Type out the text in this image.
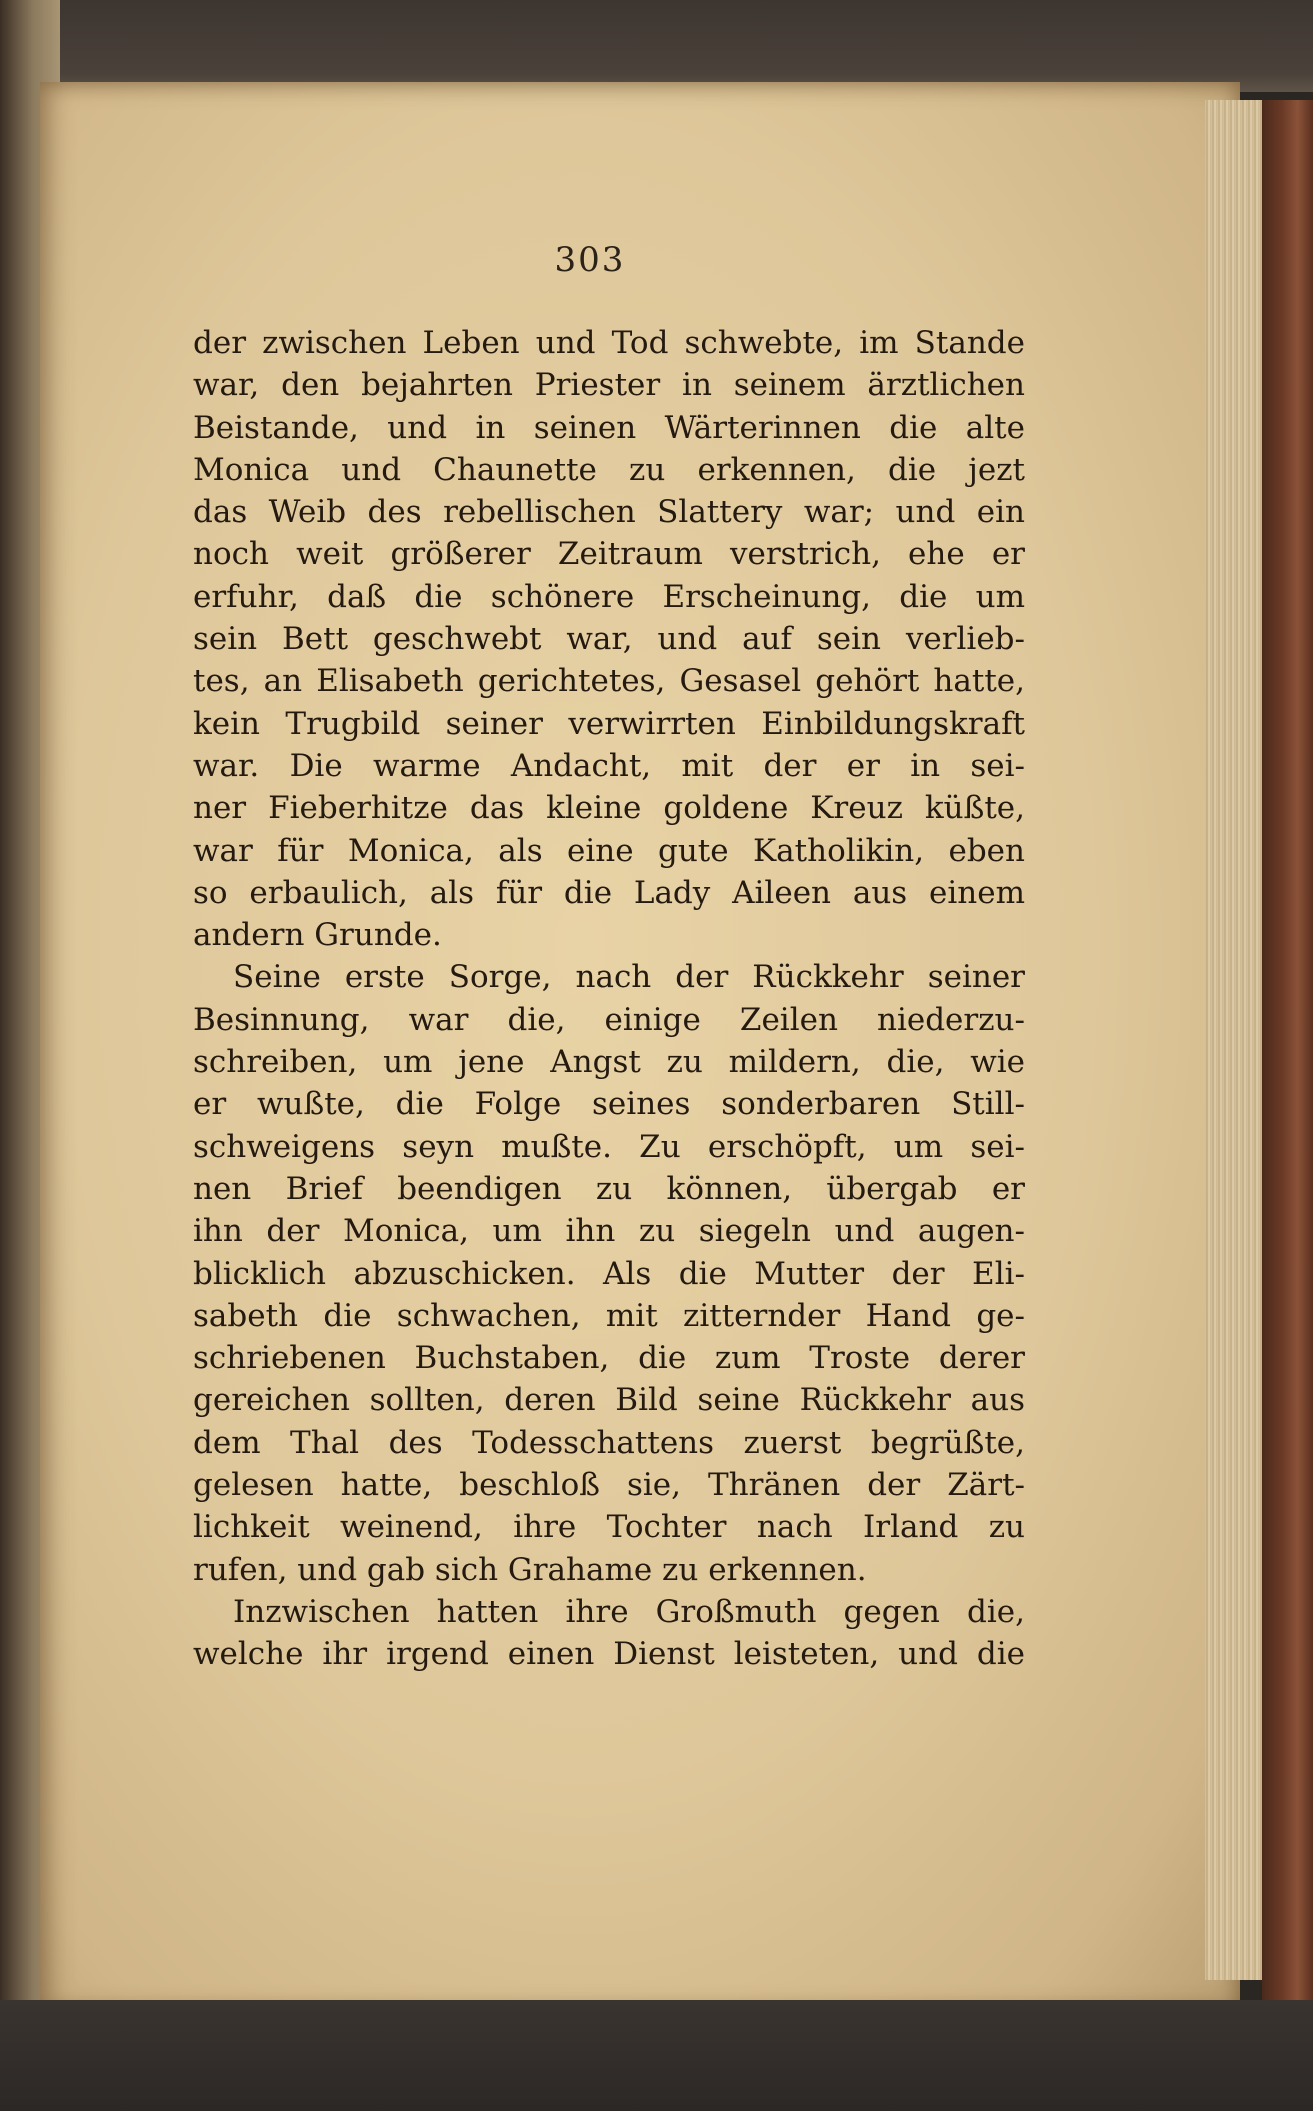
303
der zwischen Leben und Tod schwebte, im Stande
war, den bejahrten Priester in seinem ärztlichen
Beistande, und in seinen Wärterinnen die alte
Monica und Chaunette zu erkennen, die jezt
das Weib des rebellischen Slattery war; und ein
noch weit größerer Zeitraum verstrich, ehe er
erfuhr, daß die schönere Erscheinung, die um
sein Bett geschwebt war, und auf sein verlieb-
tes, an Elisabeth gerichtetes, Gesasel gehört hatte,
kein Trugbild seiner verwirrten Einbildungskraft
war. Die warme Andacht, mit der er in sei-
ner Fieberhitze das kleine goldene Kreuz küßte,
war für Monica, als eine gute Katholikin, eben
so erbaulich, als für die Lady Aileen aus einem
andern Grunde.
Seine erste Sorge, nach der Rückkehr seiner
Besinnung, war die, einige Zeilen niederzu-
schreiben, um jene Angst zu mildern, die, wie
er wußte, die Folge seines sonderbaren Still-
schweigens seyn mußte. Zu erschöpft, um sei-
nen Brief beendigen zu können, übergab er
ihn der Monica, um ihn zu siegeln und augen-
blicklich abzuschicken. Als die Mutter der Eli-
sabeth die schwachen, mit zitternder Hand ge-
schriebenen Buchstaben, die zum Troste derer
gereichen sollten, deren Bild seine Rückkehr aus
dem Thal des Todesschattens zuerst begrüßte,
gelesen hatte, beschloß sie, Thränen der Zärt-
lichkeit weinend, ihre Tochter nach Irland zu
rufen, und gab sich Grahame zu erkennen.
Inzwischen hatten ihre Großmuth gegen die,
welche ihr irgend einen Dienst leisteten, und die
